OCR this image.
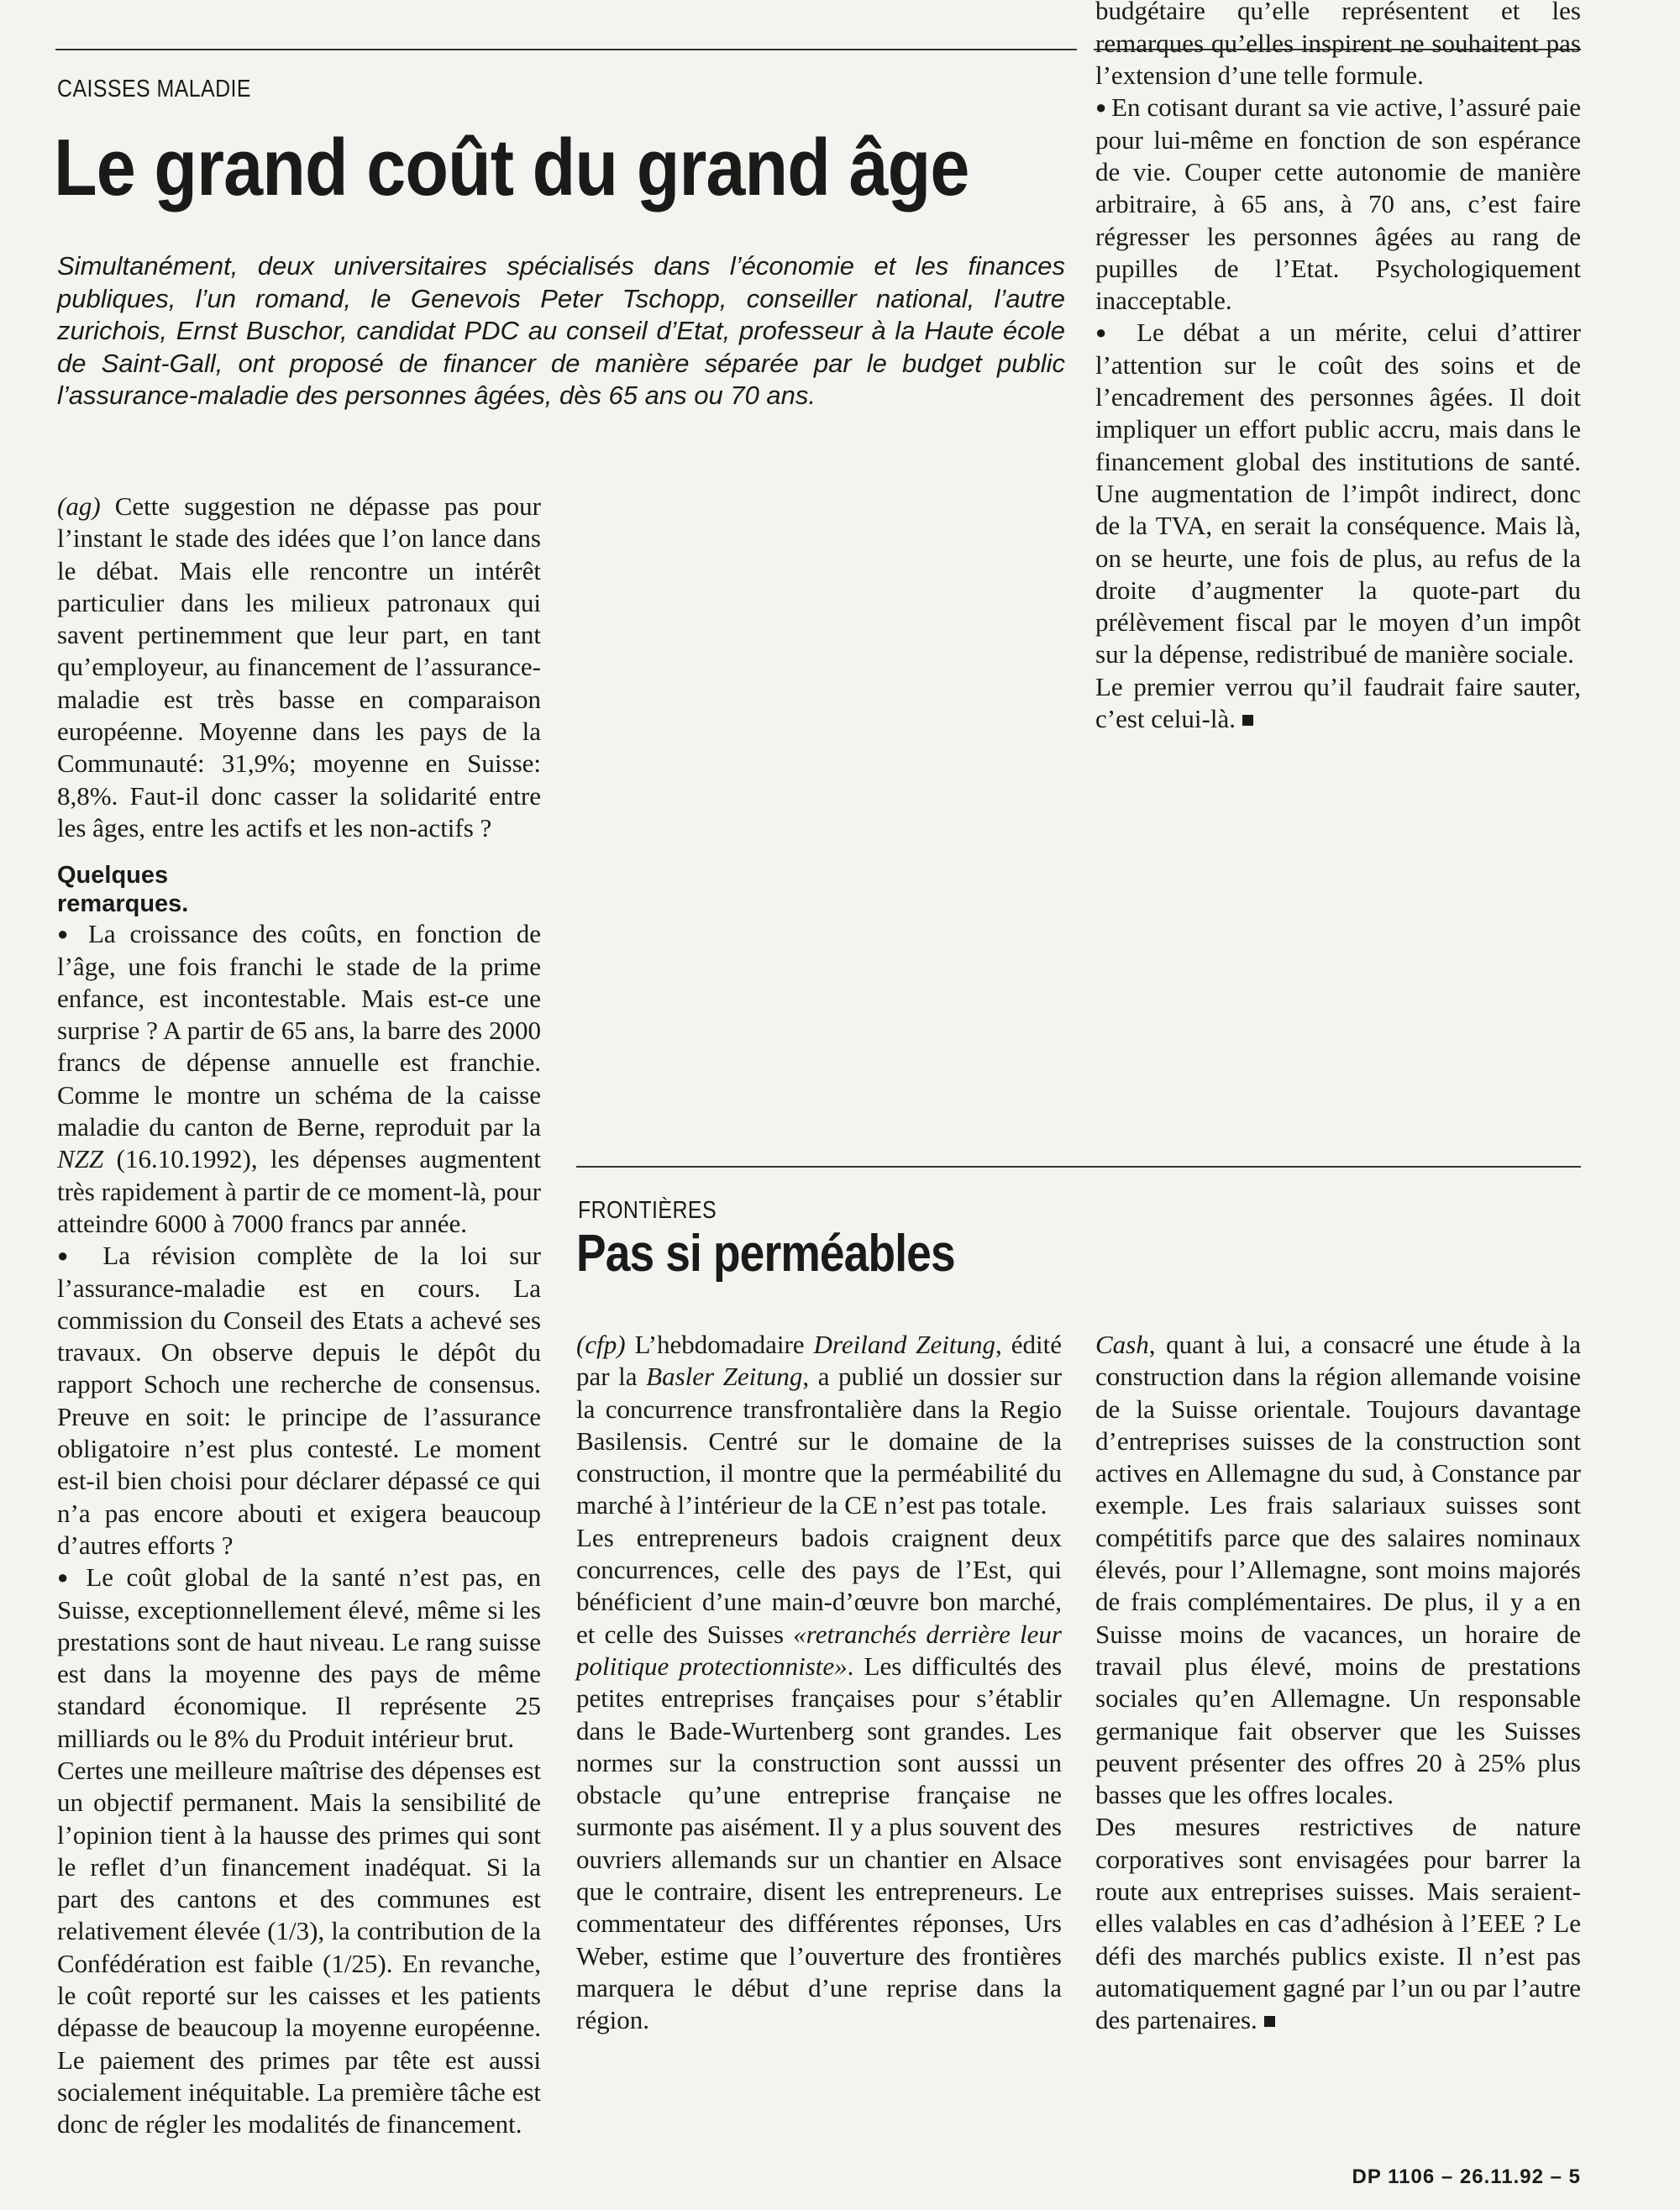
CAISSES MALADIE
Le grand coût du grand âge
Simultanément, deux universitaires spécialisés dans l’économie et les finances publiques, l’un romand, le Genevois Peter Tschopp, conseiller national, l’autre zurichois, Ernst Buschor, candidat PDC au conseil d’Etat, professeur à la Haute école de Saint-Gall, ont proposé de financer de manière séparée par le budget public l’assurance-maladie des personnes âgées, dès 65 ans ou 70 ans.

(ag) Cette suggestion ne dépasse pas pour l’instant le stade des idées que l’on lance dans le débat. Mais elle rencontre un intérêt particulier dans les milieux patronaux qui savent pertinemment que leur part, en tant qu’employeur, au financement de l’assurance-maladie est très basse en comparaison européenne. Moyenne dans les pays de la Communauté: 31,9%; moyenne en Suisse: 8,8%. Faut-il donc casser la solidarité entre les âges, entre les actifs et les non-actifs ?

Quelques remarques.

● La croissance des coûts, en fonction de l’âge, une fois franchi le stade de la prime enfance, est incontestable. Mais est-ce une surprise ? A partir de 65 ans, la barre des 2000 francs de dépense annuelle est franchie. Comme le montre un schéma de la caisse maladie du canton de Berne, reproduit par la NZZ (16.10.1992), les dépenses augmentent très rapidement à partir de ce moment-là, pour atteindre 6000 à 7000 francs par année.

● La révision complète de la loi sur l’assurance-maladie est en cours. La commission du Conseil des Etats a achevé ses travaux. On observe depuis le dépôt du rapport Schoch une recherche de consensus. Preuve en soit: le principe de l’assurance obligatoire n’est plus contesté. Le moment est-il bien choisi pour déclarer dépassé ce qui n’a pas encore abouti et exigera beaucoup d’autres efforts ?

● Le coût global de la santé n’est pas, en Suisse, exceptionnellement élevé, même si les prestations sont de haut niveau. Le rang suisse est dans la moyenne des pays de même standard économique. Il représente 25 milliards ou le 8% du Produit intérieur brut.

Certes une meilleure maîtrise des dépenses est un objectif permanent. Mais la sensibilité de l’opinion tient à la hausse des primes qui sont le reflet d’un financement inadéquat. Si la part des cantons et des communes est relativement élevée (1/3), la contribution de la Confédération est faible (1/25). En revanche, le coût reporté sur les caisses et les patients dépasse de beaucoup la moyenne européenne. Le paiement des primes par tête est aussi socialement inéquitable. La première tâche est donc de régler les modalités de financement.

●  budgétaire qu’elle représentent et les remarques qu’elles inspirent ne souhaitent pas l’extension d’une telle formule.

● En cotisant durant sa vie active, l’assuré paie pour lui-même en fonction de son espérance de vie. Couper cette autonomie de manière arbitraire, à 65 ans, à 70 ans, c’est faire régresser les personnes âgées au rang de pupilles de l’Etat. Psychologiquement inacceptable.

● Le débat a un mérite, celui d’attirer l’attention sur le coût des soins et de l’encadrement des personnes âgées. Il doit impliquer un effort public accru, mais dans le financement global des institutions de santé. Une augmentation de l’impôt indirect, donc de la TVA, en serait la conséquence. Mais là, on se heurte, une fois de plus, au refus de la droite d’augmenter la quote-part du prélèvement fiscal par le moyen d’un impôt sur la dépense, redistribué de manière sociale.

Le premier verrou qu’il faudrait faire sauter, c’est celui-là.

FRONTIÈRES
Pas si perméables

(cfp) L’hebdomadaire Dreiland Zeitung, édité par la Basler Zeitung, a publié un dossier sur la concurrence transfrontalière dans la Regio Basilensis. Centré sur le domaine de la construction, il montre que la perméabilité du marché à l’intérieur de la CE n’est pas totale.

Les entrepreneurs badois craignent deux concurrences, celle des pays de l’Est, qui bénéficient d’une main-d’œuvre bon marché, et celle des Suisses «retranchés derrière leur politique protectionniste». Les difficultés des petites entreprises françaises pour s’établir dans le Bade-Wurtenberg sont grandes. Les normes sur la construction sont ausssi un obstacle qu’une entreprise française ne surmonte pas aisément. Il y a plus souvent des ouvriers allemands sur un chantier en Alsace que le contraire, disent les entrepreneurs. Le commentateur des différentes réponses, Urs Weber, estime que l’ouverture des frontières marquera le début d’une reprise dans la région.

Cash, quant à lui, a consacré une étude à la construction dans la région allemande voisine de la Suisse orientale. Toujours davantage d’entreprises suisses de la construction sont actives en Allemagne du sud, à Constance par exemple. Les frais salariaux suisses sont compétitifs parce que des salaires nominaux élevés, pour l’Allemagne, sont moins majorés de frais complémentaires. De plus, il y a en Suisse moins de vacances, un horaire de travail plus élevé, moins de prestations sociales qu’en Allemagne. Un responsable germanique fait observer que les Suisses peuvent présenter des offres 20 à 25% plus basses que les offres locales.

Des mesures restrictives de nature corporatives sont envisagées pour barrer la route aux entreprises suisses. Mais seraient-elles valables en cas d’adhésion à l’EEE ? Le défi des marchés publics existe. Il n’est pas automatiquement gagné par l’un ou par l’autre des partenaires.

DP 1106 – 26.11.92 – 5
